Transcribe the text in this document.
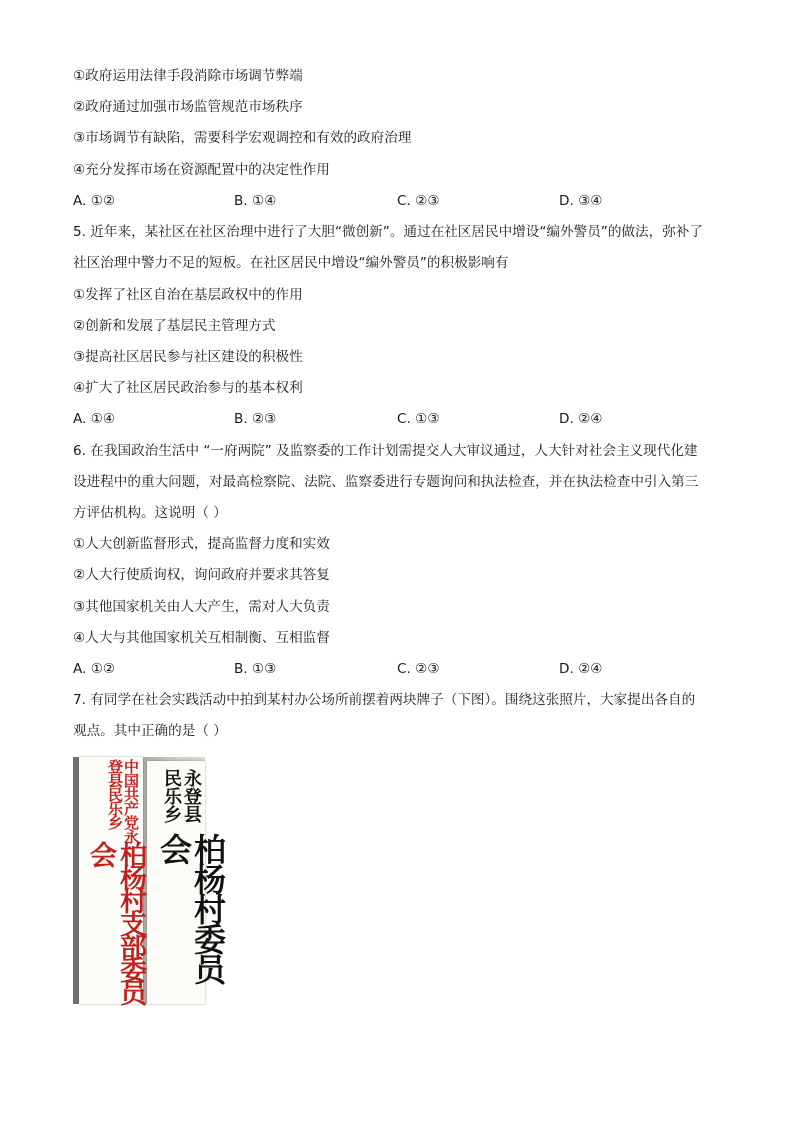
①政府运用法律手段消除市场调节弊端
②政府通过加强市场监管规范市场秩序
③市场调节有缺陷，需要科学宏观调控和有效的政府治理
④充分发挥市场在资源配置中的决定性作用
A. ①②	B. ①④	C. ②③	D. ③④
5. 近年来，某社区在社区治理中进行了大胆“微创新”。通过在社区居民中增设“编外警员”的做法，弥补了
社区治理中警力不足的短板。在社区居民中增设“编外警员”的积极影响有
①发挥了社区自治在基层政权中的作用
②创新和发展了基层民主管理方式
③提高社区居民参与社区建设的积极性
④扩大了社区居民政治参与的基本权利
A. ①④	B. ②③	C. ①③	D. ②④
6. 在我国政治生活中 “一府两院” 及监察委的工作计划需提交人大审议通过，人大针对社会主义现代化建
设进程中的重大问题，对最高检察院、法院、监察委进行专题询问和执法检查，并在执法检查中引入第三
方评估机构。这说明（ ）
①人大创新监督形式，提高监督力度和实效
②人大行使质询权，询问政府并要求其答复
③其他国家机关由人大产生，需对人大负责
④人大与其他国家机关互相制衡、互相监督
A. ①②	B. ①③	C. ②③	D. ②④
7. 有同学在社会实践活动中拍到某村办公场所前摆着两块牌子（下图）。围绕这张照片，大家提出各自的
观点。其中正确的是（ ）
中国共产党永登县民乐乡
柏杨村支部委员会
永登县民乐乡
柏杨村委员会
